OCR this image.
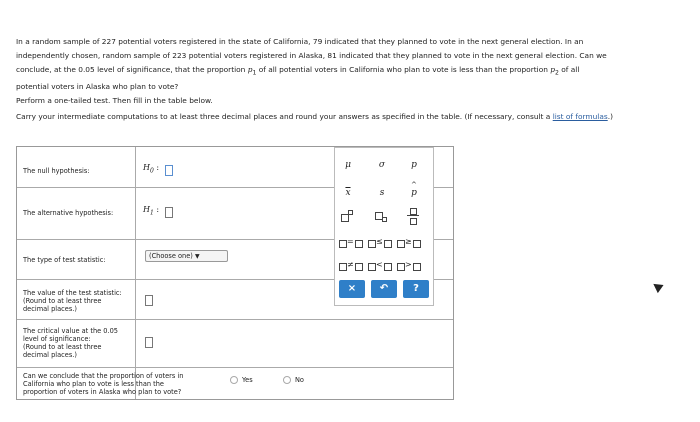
In a random sample of 227 potential voters registered in the state of California, 79 indicated that they planned to vote in the next general election. In an

independently chosen, random sample of 223 potential voters registered in Alaska, 81 indicated that they planned to vote in the next general election. Can we

conclude, at the 0.05 level of significance, that the proportion $p_1$ of all potential voters in California who plan to vote is less than the proportion $p_2$ of all

potential voters in Alaska who plan to vote?

Perform a one-tailed test. Then fill in the table below.
Carry your intermediate computations to at least three decimal places and round your answers as specified in the table. (If necessary, consult a list of formulas.)
The null hypothesis:	$H_0$ :
The alternative hypothesis:	$H_1$ :
The type of test statistic:	(Choose one) ▼
The value of the test statistic:
(Round to at least three
decimal places.)
The critical value at the 0.05
level of significance:
(Round to at least three
decimal places.)
Can we conclude that the proportion of voters in
California who plan to vote is less than the
proportion of voters in Alaska who plan to vote?
Yes	No
μ	σ	p
$\overline{x}$	s
^
p
=	≤	≥
≠	<	>
×	↶	?
